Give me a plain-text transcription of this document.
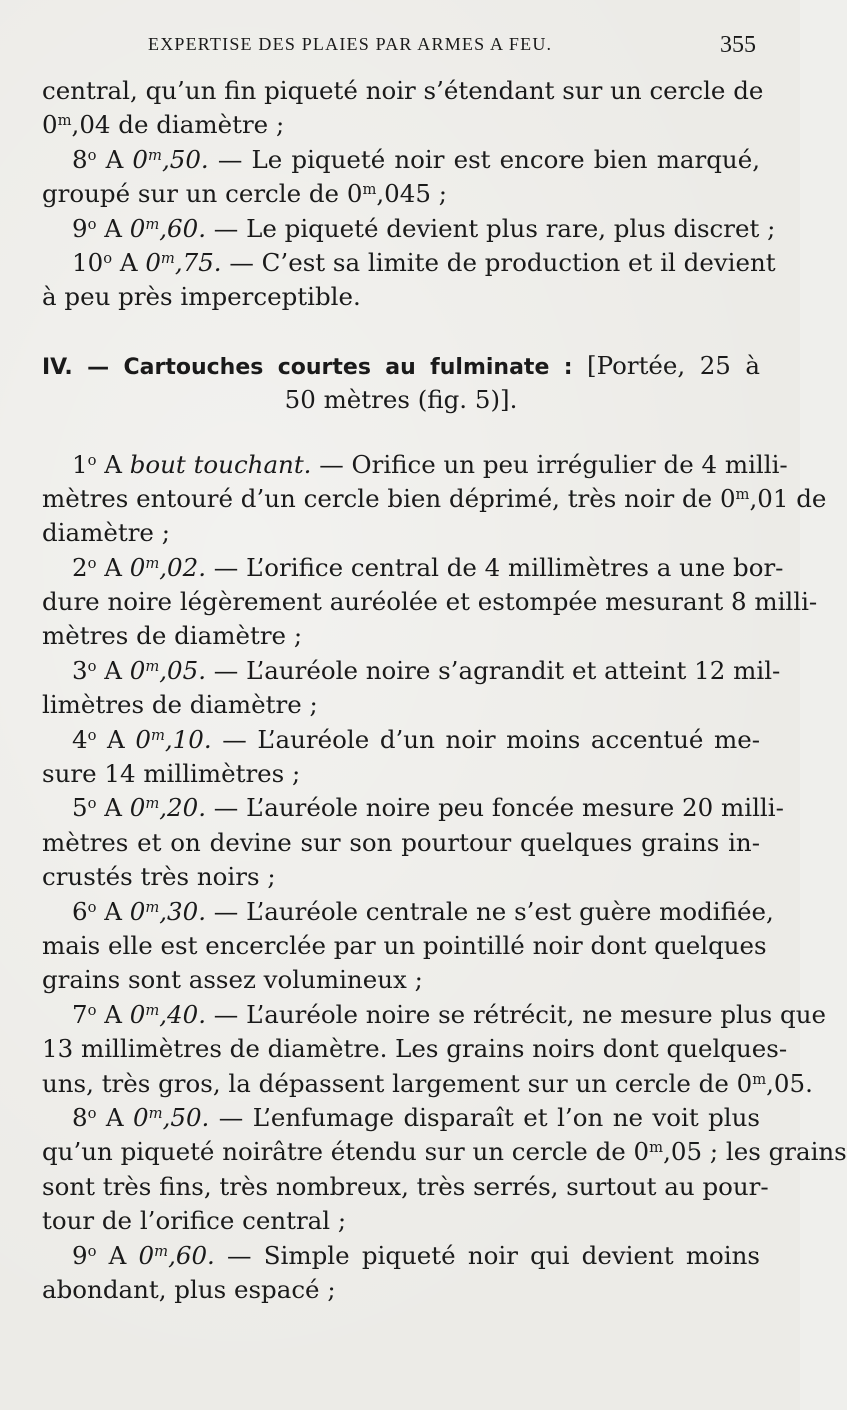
EXPERTISE DES PLAIES PAR ARMES A FEU.	355
central, qu’un fin piqueté noir s’étendant sur un cercle de
0$^m$,04 de diamètre ;
8$^o$ A 0$^m$,50. — Le piqueté noir est encore bien marqué,
groupé sur un cercle de 0$^m$,045 ;
9$^o$ A 0$^m$,60. — Le piqueté devient plus rare, plus discret ;
10$^o$ A 0$^m$,75. — C’est sa limite de production et il devient
à peu près imperceptible.
IV. — Cartouches courtes au fulminate : [Portée, 25 à
50 mètres (fig. 5)].
1$^o$ A bout touchant. — Orifice un peu irrégulier de 4 milli-
mètres entouré d’un cercle bien déprimé, très noir de 0$^m$,01 de
diamètre ;
2$^o$ A 0$^m$,02. — L’orifice central de 4 millimètres a une bor-
dure noire légèrement auréolée et estompée mesurant 8 milli-
mètres de diamètre ;
3$^o$ A 0$^m$,05. — L’auréole noire s’agrandit et atteint 12 mil-
limètres de diamètre ;
4$^o$ A 0$^m$,10. — L’auréole d’un noir moins accentué me-
sure 14 millimètres ;
5$^o$ A 0$^m$,20. — L’auréole noire peu foncée mesure 20 milli-
mètres et on devine sur son pourtour quelques grains in-
crustés très noirs ;
6$^o$ A 0$^m$,30. — L’auréole centrale ne s’est guère modifiée,
mais elle est encerclée par un pointillé noir dont quelques
grains sont assez volumineux ;
7$^o$ A 0$^m$,40. — L’auréole noire se rétrécit, ne mesure plus que
13 millimètres de diamètre. Les grains noirs dont quelques-
uns, très gros, la dépassent largement sur un cercle de 0$^m$,05.
8$^o$ A 0$^m$,50. — L’enfumage disparaît et l’on ne voit plus
qu’un piqueté noirâtre étendu sur un cercle de 0$^m$,05 ; les grains
sont très fins, très nombreux, très serrés, surtout au pour-
tour de l’orifice central ;
9$^o$ A 0$^m$,60. — Simple piqueté noir qui devient moins
abondant, plus espacé ;
